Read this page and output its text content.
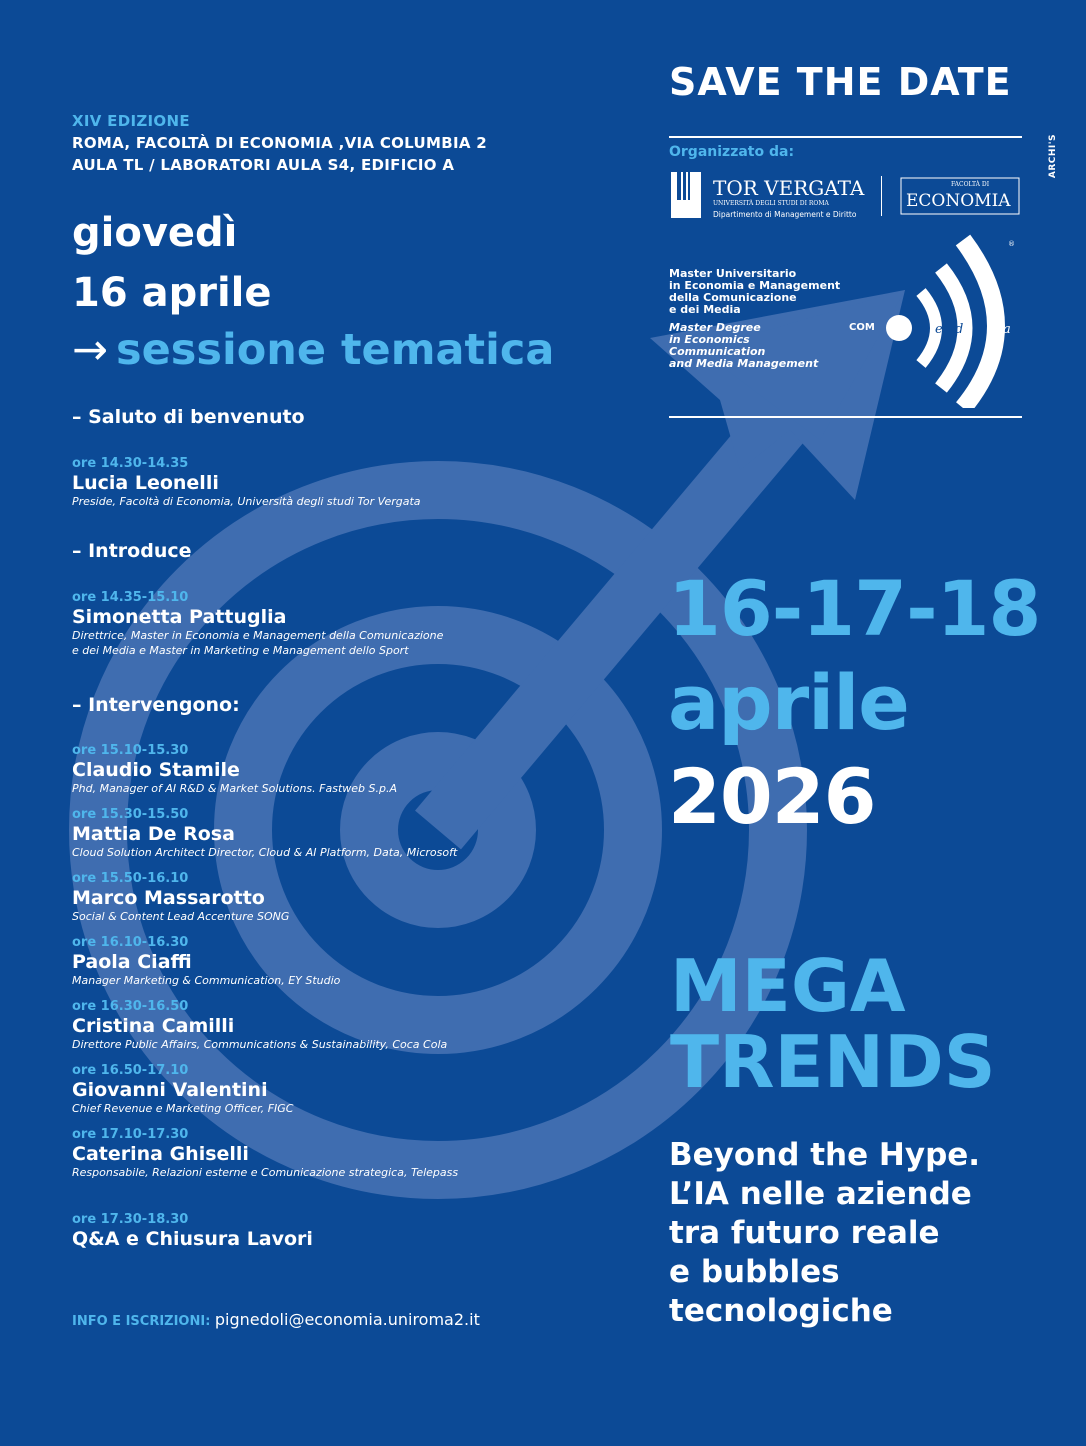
XIV EDIZIONE
ROMA, FACOLTÀ DI ECONOMIA ,VIA COLUMBIA 2
AULA TL / LABORATORI AULA S4, EDIFICIO A
giovedì
16 aprile
→ sessione tematica
– Saluto di benvenuto
ore 14.30-14.35
Lucia Leonelli
Preside, Facoltà di Economia, Università degli studi Tor Vergata
– Introduce
ore 14.35-15.10
Simonetta Pattuglia
Direttrice, Master in Economia e Management della Comunicazione
e dei Media e Master in Marketing e Management dello Sport
– Intervengono:
ore 15.10-15.30
Claudio Stamile
Phd, Manager of AI R&D & Market Solutions. Fastweb S.p.A
ore 15.30-15.50
Mattia De Rosa
Cloud Solution Architect Director, Cloud & AI Platform, Data, Microsoft
ore 15.50-16.10
Marco Massarotto
Social & Content Lead Accenture SONG
ore 16.10-16.30
Paola Ciaffi
Manager Marketing & Communication, EY Studio
ore 16.30-16.50
Cristina Camilli
Direttore Public Affairs, Communications & Sustainability, Coca Cola
ore 16.50-17.10
Giovanni Valentini
Chief Revenue e Marketing Officer, FIGC
ore 17.10-17.30
Caterina Ghiselli
Responsabile, Relazioni esterne e Comunicazione strategica, Telepass
ore 17.30-18.30
Q&A e Chiusura Lavori
INFO E ISCRIZIONI: pignedoli@economia.uniroma2.it
SAVE THE DATE
Organizzato da:
TOR VERGATA
UNIVERSITÀ DEGLI STUDI DI ROMA
Dipartimento di Management e Diritto
FACOLTÀ DI
ECONOMIA
COM	m e d i a
®
Master Universitario
in Economia e Management
della Comunicazione
e dei Media
Master Degree
in Economics
Communication
and Media Management
ARCHI'S
16-17-18
aprile
2026
MEGA
TRENDS
Beyond the Hype.
L’IA nelle aziende
tra futuro reale
e bubbles
tecnologiche
